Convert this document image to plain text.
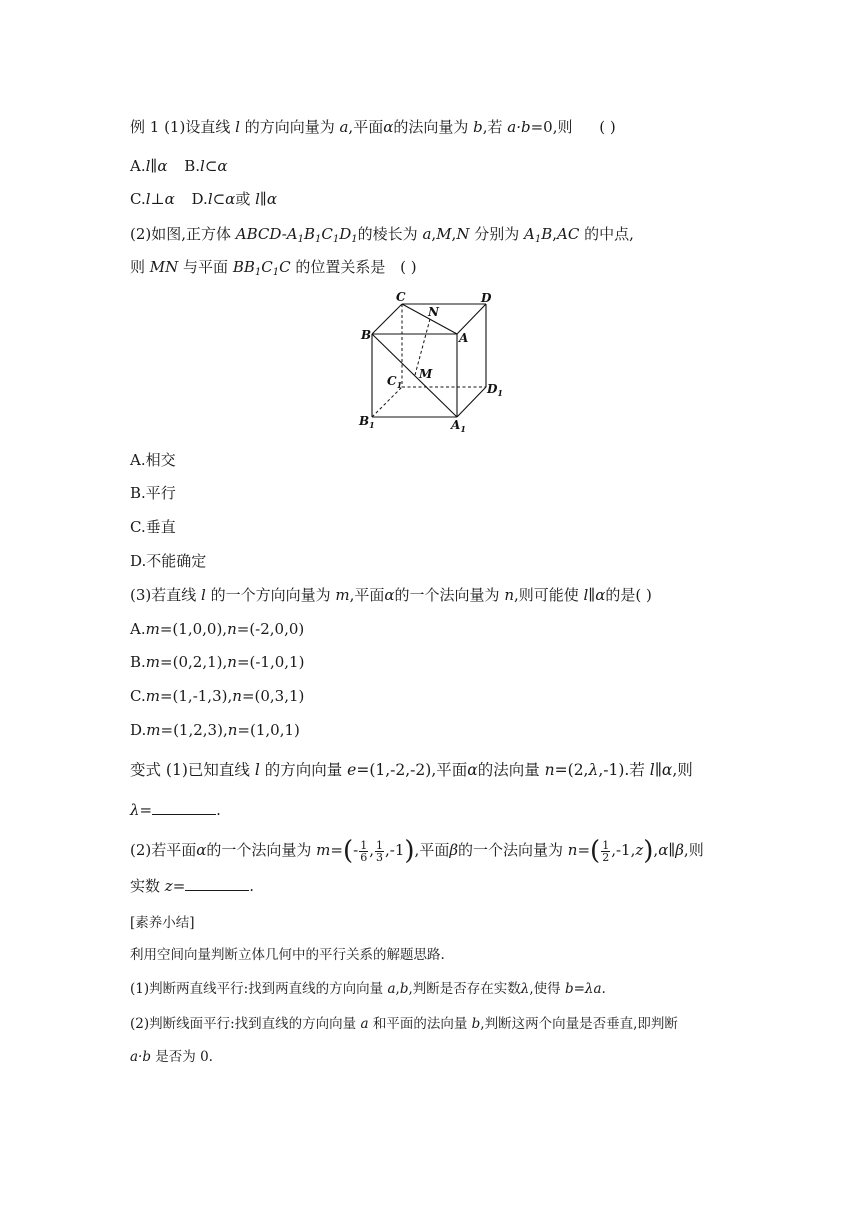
例 1 (1)设直线 l 的方向向量为 a,平面α的法向量为 b,若 a·b=0,则 ( )
A.l∥α B.l⊂α
C.l⊥α D.l⊂α或 l∥α
(2)如图,正方体 ABCD-$A_1B_1C_1D_1$的棱长为 a,M,N 分别为 $A_1B,AC$ 的中点,
则 MN 与平面 $BB_1C_1C$ 的位置关系是 ( )
C
N
D
B	A
$C_1$
M
$D_1$
$B_1$	$A_1$
A.相交
B.平行
C.垂直
D.不能确定
(3)若直线 l 的一个方向向量为 m,平面α的一个法向量为 n,则可能使 l∥α的是( )
A.m=(1,0,0),n=(-2,0,0)
B.m=(0,2,1),n=(-1,0,1)
C.m=(1,-1,3),n=(0,3,1)
D.m=(1,2,3),n=(1,0,1)
变式 (1)已知直线 l 的方向向量 e=(1,-2,-2),平面α的法向量 n=(2,λ,-1).若 l∥α,则
λ=	.
(2)若平面α的一个法向量为 $m=(- \frac{1}{6}$ , $\frac{1}{3} ,-1$),平面β的一个法向量为 $n=( \frac{1}{2}$ ,-1,z),α∥β,则
实数 z=	.
[素养小结]
利用空间向量判断立体几何中的平行关系的解题思路.
(1)判断两直线平行:找到两直线的方向向量 a,b,判断是否存在实数λ,使得 b=λa.
(2)判断线面平行:找到直线的方向向量 a 和平面的法向量 b,判断这两个向量是否垂直,即判断
a·b 是否为 0.
